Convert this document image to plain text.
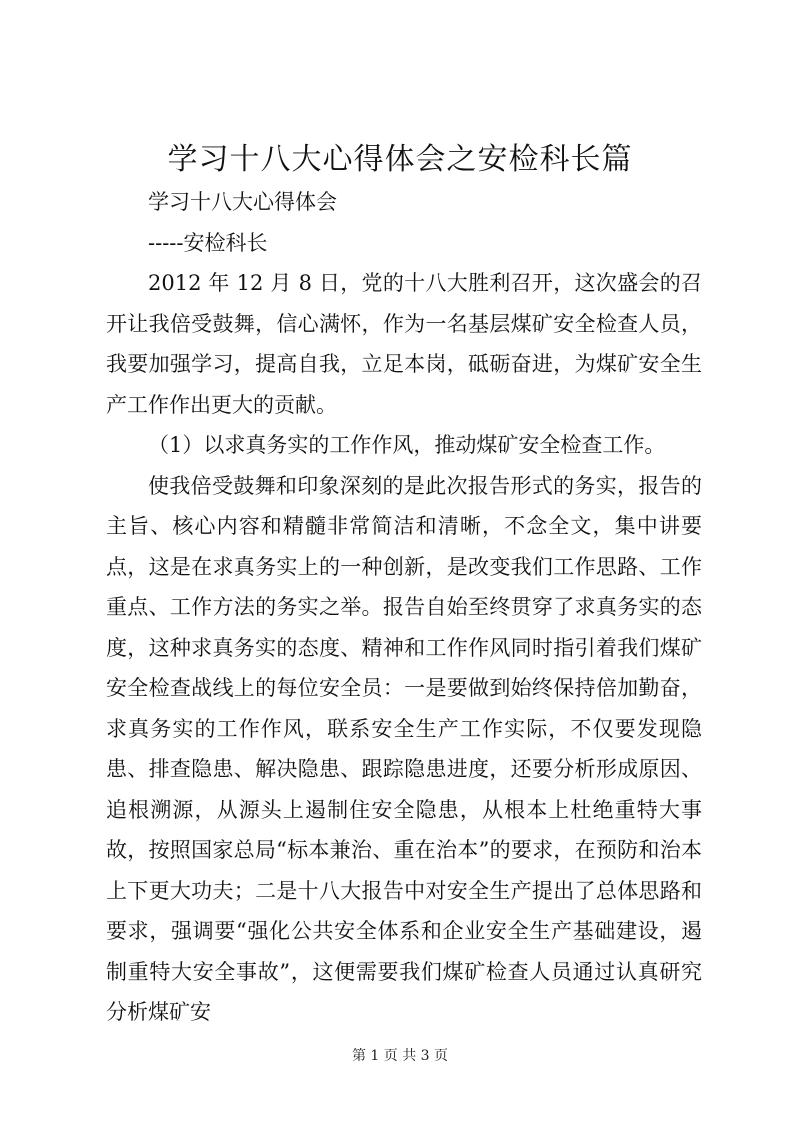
学习十八大心得体会之安检科长篇

学习十八大心得体会

-----安检科长

2012 年 12 月 8 日，党的十八大胜利召开，这次盛会的召开让我倍受鼓舞，信心满怀，作为一名基层煤矿安全检查人员，我要加强学习，提高自我，立足本岗，砥砺奋进，为煤矿安全生产工作作出更大的贡献。

（1）以求真务实的工作作风，推动煤矿安全检查工作。

使我倍受鼓舞和印象深刻的是此次报告形式的务实，报告的主旨、核心内容和精髓非常简洁和清晰，不念全文，集中讲要点，这是在求真务实上的一种创新，是改变我们工作思路、工作重点、工作方法的务实之举。报告自始至终贯穿了求真务实的态度，这种求真务实的态度、精神和工作作风同时指引着我们煤矿安全检查战线上的每位安全员：一是要做到始终保持倍加勤奋，求真务实的工作作风，联系安全生产工作实际，不仅要发现隐患、排查隐患、解决隐患、跟踪隐患进度，还要分析形成原因、追根溯源，从源头上遏制住安全隐患，从根本上杜绝重特大事故，按照国家总局“标本兼治、重在治本”的要求，在预防和治本上下更大功夫；二是十八大报告中对安全生产提出了总体思路和要求，强调要“强化公共安全体系和企业安全生产基础建设，遏制重特大安全事故”，这便需要我们煤矿检查人员通过认真研究分析煤矿安

第 1 页 共 3 页
